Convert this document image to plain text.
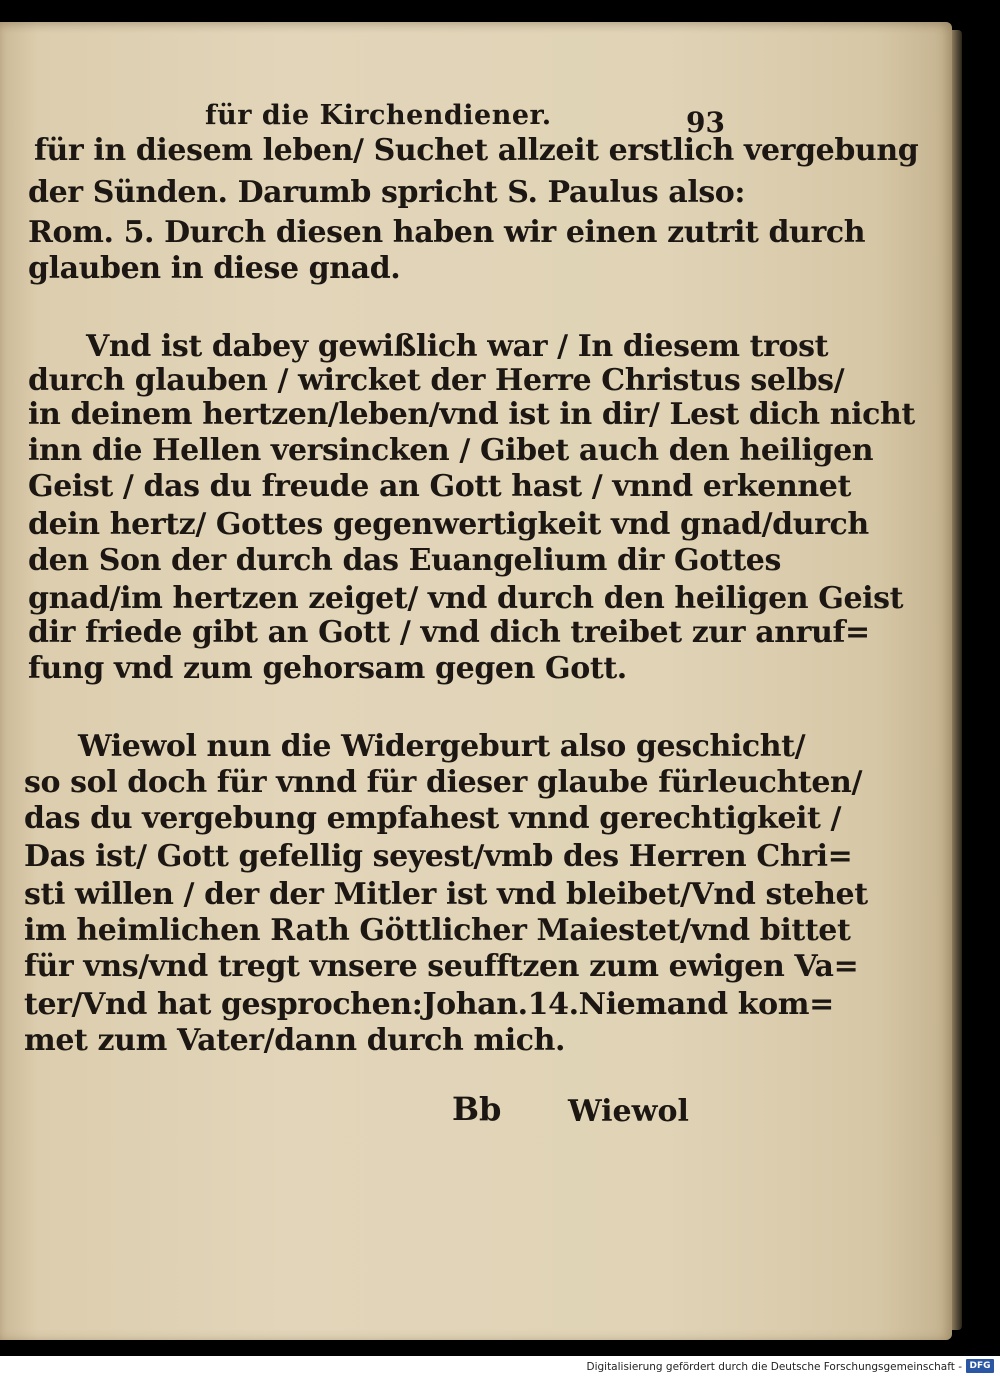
für die Kirchendiener.	93
für in diesem leben/ Suchet allzeit erstlich vergebung
der Sünden. Darumb spricht S. Paulus also:
Rom. 5. Durch diesen haben wir einen zutrit durch
glauben in diese gnad.
Vnd ist dabey gewißlich war / In diesem trost
durch glauben / wircket der Herre Christus selbs/
in deinem hertzen/leben/vnd ist in dir/ Lest dich nicht
inn die Hellen versincken / Gibet auch den heiligen
Geist / das du freude an Gott hast / vnnd erkennet
dein hertz/ Gottes gegenwertigkeit vnd gnad/durch
den Son der durch das Euangelium dir Gottes
gnad/im hertzen zeiget/ vnd durch den heiligen Geist
dir friede gibt an Gott / vnd dich treibet zur anruf=
fung vnd zum gehorsam gegen Gott.
Wiewol nun die Widergeburt also geschicht/
so sol doch für vnnd für dieser glaube fürleuchten/
das du vergebung empfahest vnnd gerechtigkeit /
Das ist/ Gott gefellig seyest/vmb des Herren Chri=
sti willen / der der Mitler ist vnd bleibet/Vnd stehet
im heimlichen Rath Göttlicher Maiestet/vnd bittet
für vns/vnd tregt vnsere seufftzen zum ewigen Va=
ter/Vnd hat gesprochen:Johan.14.Niemand kom=
met zum Vater/dann durch mich.
Bb Wiewol
Digitalisierung gefördert durch die Deutsche Forschungsgemeinschaft - DFG
